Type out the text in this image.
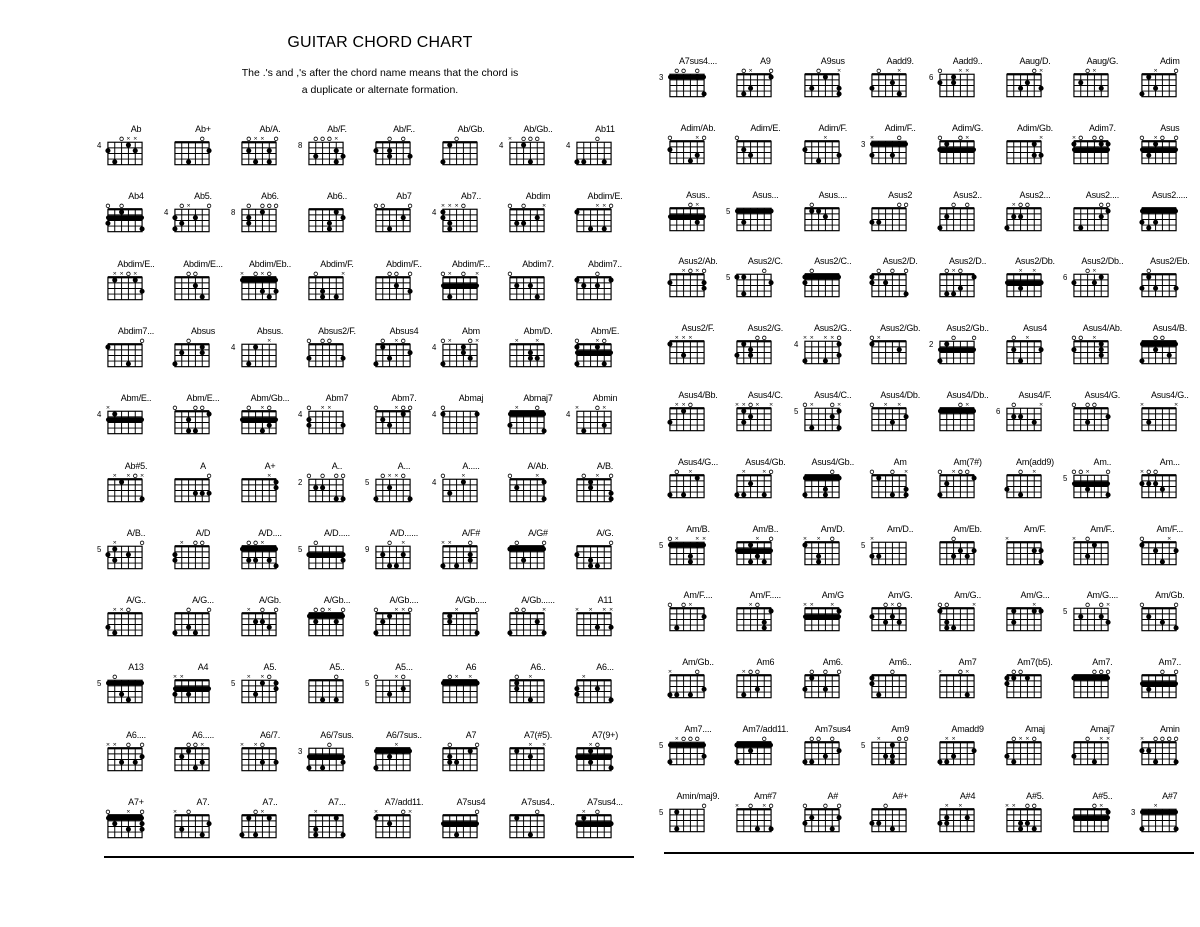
GUITAR CHORD CHART
The .'s and ,'s after the chord name means that the chord is
a duplicate or alternate formation.
Ab
× ×
4
Ab+	Ab/A.
× ×
Ab/F.
×
8
Ab/F..	Ab/Gb.	Ab/Gb..
×
4
Ab11
4
Ab4	Ab5.
×
4
Ab6.
8
Ab6..	Ab7	Ab7..
× × ×
4
Abdim
×
Abdim/E.
× ×
Abdim/E..
× × ×
Abdim/E...	Abdim/Eb..
× ×
Abdim/F.
×
Abdim/F..	Abdim/F...
×	×
Abdim7.	Abdim7..
Abdim7...	Absus	Absus.
×
4
Absus2/F.	Absus4
×
Abm
×	×
4
Abm/D.
× ×
Abm/E.
×
Abm/E..
×
4
Abm/E...	Abm/Gb...
×
Abm7
× ×
4
Abm7.
×
Abmaj
4
Abmaj7
×
Abmin
×	×
4
Ab#5.
× × ×
A	A+
×
A..
2
A...
× ×
5
A.....
×
4
A/Ab.
×
A/B.
×
A/B..
×
5
A/D
×
A/D....
×
A/D.....
5
A/D......
×
9
A/F#
× ×
A/G#	A/G.
A/G..
× ×
A/G...	A/Gb.
×
A/Gb...
×
A/Gb....
× ×
A/Gb.....
×
A/Gb......
×
A11
× × × ×
A13
5
A4
× ×
A5.
× ×
5
A5..	A5...
×
5
A6
× ×
A6..
×
A6...
×
A6....
× ×
A6.....
×
A6/7.
× ×
A6/7sus.
3
A6/7sus..
×
A7	A7(#5).
× ×
A7(9+)
×
A7+
×
A7.
×
A7..
×
A7...
×
A7/add11.
×	×
A7sus4	A7sus4..	A7sus4...
×
A7sus4....
3
A9
×
A9sus
×
Aadd9.
×
Aadd9..
× ×
6
Aaug/D.
×
Aaug/G.
×
Adim
×
Adim/Ab.
×
Adim/E.	Adim/F.
×
Adim/F..
×
3
Adim/G.
×
Adim/Gb.
×
Adim7.
×
Asus
×
Asus..
×
Asus...
5
Asus....	Asus2	Asus2..	Asus2...
×
Asus2....	Asus2.....
Asus2/Ab.
× ×
Asus2/C.
5
Asus2/C..	Asus2/D.	Asus2/D..
×
Asus2/Db.
× ×
Asus2/Db..
×
6
Asus2/Eb.
Asus2/F.
× × ×
Asus2/G.	Asus2/G..
× × × ×
4
Asus2/Gb.
×
Asus2/Gb..
2
Asus4
×
Asus4/Ab.
×
Asus4/B.
Asus4/Bb.
× ×
Asus4/C.
× × × ×
Asus4/C..
×	×
5
Asus4/Db.
× ×
Asus4/Db..
×
Asus4/F.
×
6
Asus4/G.	Asus4/G..
×	×
Asus4/G...
×
Asus4/Gb.
× ×
Asus4/Gb..	Am
×
Am(7#)
×
Am(add9)
×
Am..
×
5
Am...
×
Am/B.
× × ×
5
Am/B..
×
Am/D.
× ×
Am/D..
×
5
Am/Eb.	Am/F.
×
Am/F..
×
Am/F...
×
Am/F....
×
Am/F.....
×
Am/G
× × ×
Am/G.
×
Am/G..
×
Am/G...
×
Am/G....
×
5
Am/Gb.
Am/Gb..
×
Am6
×
Am6.	Am6..	Am7
×	×
Am7(b5).	Am7.	Am7..
Am7....
×
5
Am7/add11.	Am7sus4	Am9
×
5
Amadd9
× ×
Amaj
× ×
Amaj7
× ×
Amin
×
Amin/maj9.
5
Am#7
×	×
A#	A#+	A#4
× ×
A#5.
× ×
A#5..
×
A#7
×
3
